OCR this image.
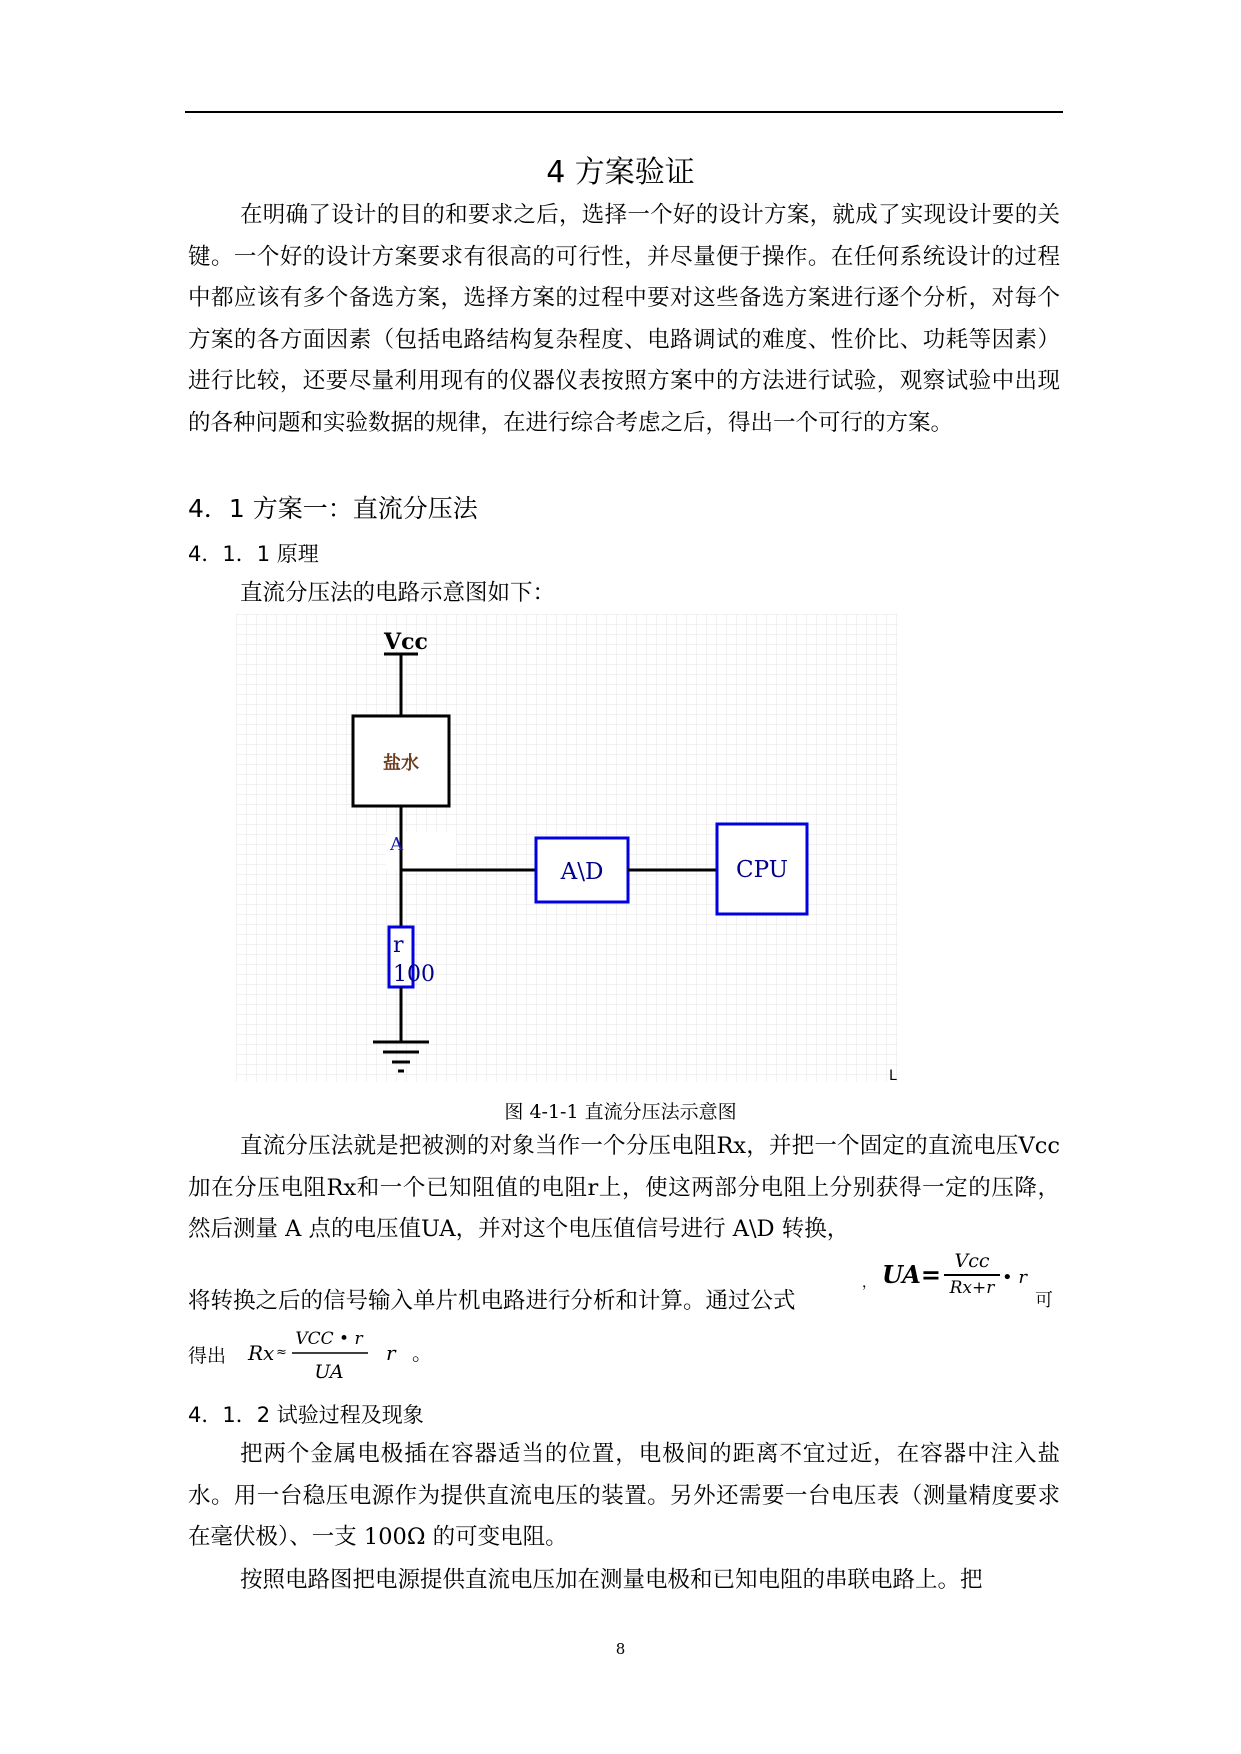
4 方案验证

在明确了设计的目的和要求之后，选择一个好的设计方案，就成了实现设计要的关键。一个好的设计方案要求有很高的可行性，并尽量便于操作。在任何系统设计的过程中都应该有多个备选方案，选择方案的过程中要对这些备选方案进行逐个分析，对每个方案的各方面因素（包括电路结构复杂程度、电路调试的难度、性价比、功耗等因素）进行比较，还要尽量利用现有的仪器仪表按照方案中的方法进行试验，观察试验中出现的各种问题和实验数据的规律，在进行综合考虑之后，得出一个可行的方案。

4．1 方案一：直流分压法
4．1．1 原理
直流分压法的电路示意图如下：
Vcc
盐水
A
A\D	CPU
r
100
L
图 4-1-1 直流分压法示意图

直流分压法就是把被测的对象当作一个分压电阻Rx，并把一个固定的直流电压Vcc加在分压电阻Rx和一个已知阻值的电阻r上，使这两部分电阻上分别获得一定的压降，然后测量 A 点的电压值UA，并对这个电压值信号进行 A\D 转换，

将转换之后的信号输入单片机电路进行分析和计算。通过公式
， UA= Vcc
Rx+r • r
可
得出 Rx ≈
VCC • r
UA
r 。
4．1．2 试验过程及现象

把两个金属电极插在容器适当的位置，电极间的距离不宜过近，在容器中注入盐水。用一台稳压电源作为提供直流电压的装置。另外还需要一台电压表（测量精度要求在毫伏极）、一支 100Ω 的可变电阻。

按照电路图把电源提供直流电压加在测量电极和已知电阻的串联电路上。把

8
